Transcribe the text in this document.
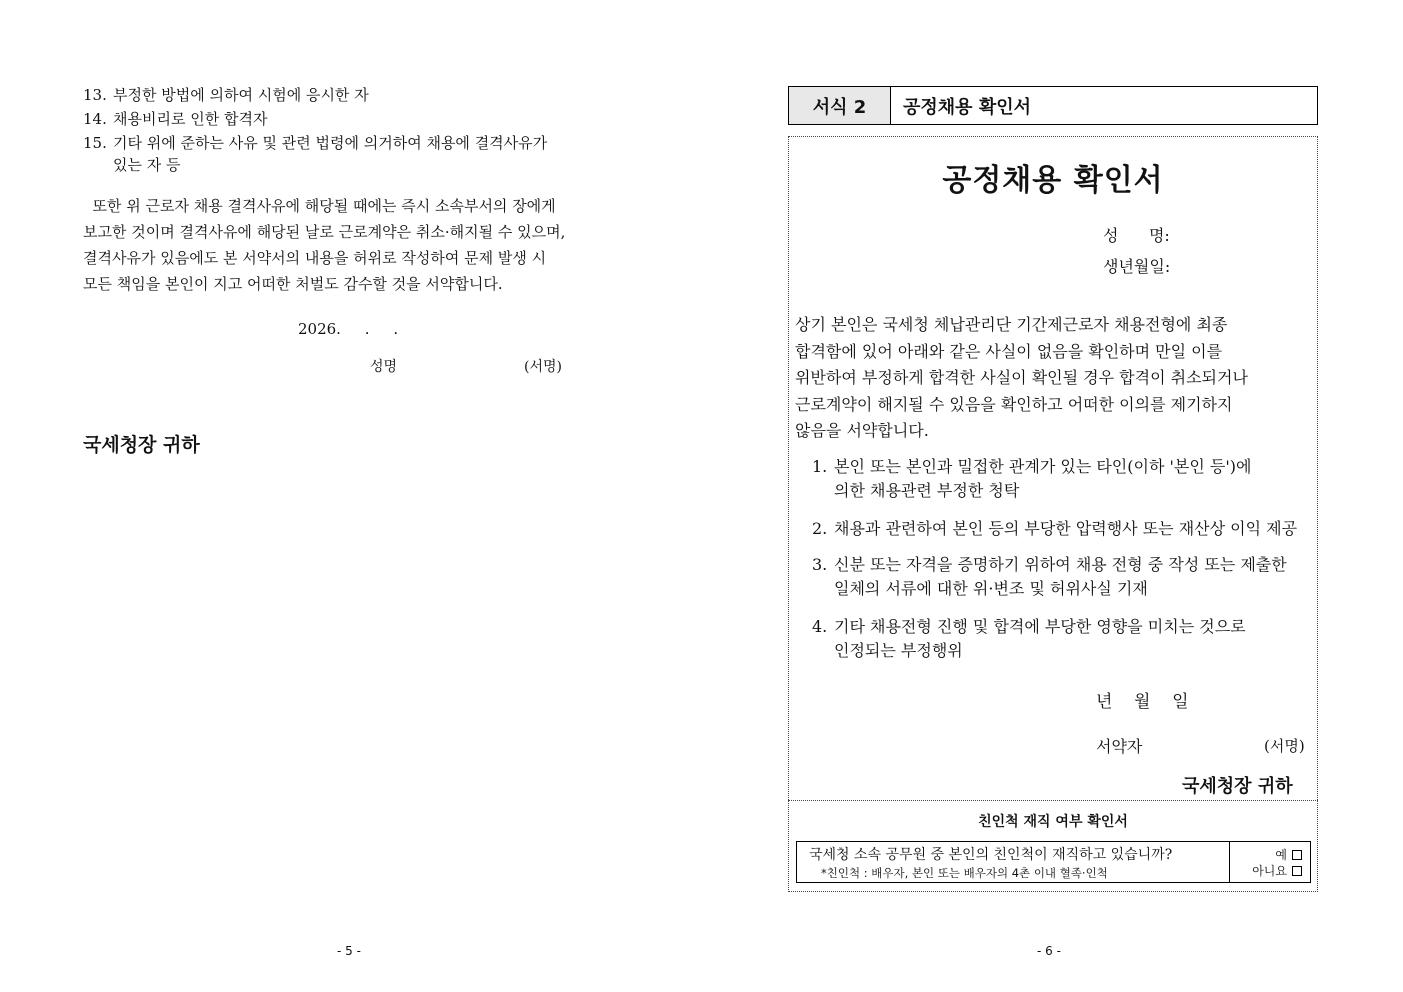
13. 부정한 방법에 의하여 시험에 응시한 자
14. 채용비리로 인한 합격자
15. 기타 위에 준하는 사유 및 관련 법령에 의거하여 채용에 결격사유가
있는 자 등

또한 위 근로자 채용 결격사유에 해당될 때에는 즉시 소속부서의 장에게

보고한 것이며 결격사유에 해당된 날로 근로계약은 취소·해지될 수 있으며,

결격사유가 있음에도 본 서약서의 내용을 허위로 작성하여 문제 발생 시

모든 책임을 본인이 지고 어떠한 처벌도 감수할 것을 서약합니다.

2026.     .     .
성명	(서명)
국세청장 귀하
- 5 -
서식 2	공정채용 확인서
공정채용 확인서
성      명:
생년월일:

상기 본인은 국세청 체납관리단 기간제근로자 채용전형에 최종

합격함에 있어 아래와 같은 사실이 없음을 확인하며 만일 이를

위반하여 부정하게 합격한 사실이 확인될 경우 합격이 취소되거나

근로계약이 해지될 수 있음을 확인하고 어떠한 이의를 제기하지

않음을 서약합니다.

1. 본인 또는 본인과 밀접한 관계가 있는 타인(이하 '본인 등')에

의한 채용관련 부정한 청탁

2. 채용과 관련하여 본인 등의 부당한 압력행사 또는 재산상 이익 제공

3. 신분 또는 자격을 증명하기 위하여 채용 전형 중 작성 또는 제출한

일체의 서류에 대한 위·변조 및 허위사실 기재

4. 기타 채용전형 진행 및 합격에 부당한 영향을 미치는 것으로

인정되는 부정행위

년    월    일
서약자	(서명)
국세청장 귀하
친인척 재직 여부 확인서
국세청 소속 공무원 중 본인의 친인척이 재직하고 있습니까?
*친인척 : 배우자, 본인 또는 배우자의 4촌 이내 혈족·인척
예
아니요
- 6 -
